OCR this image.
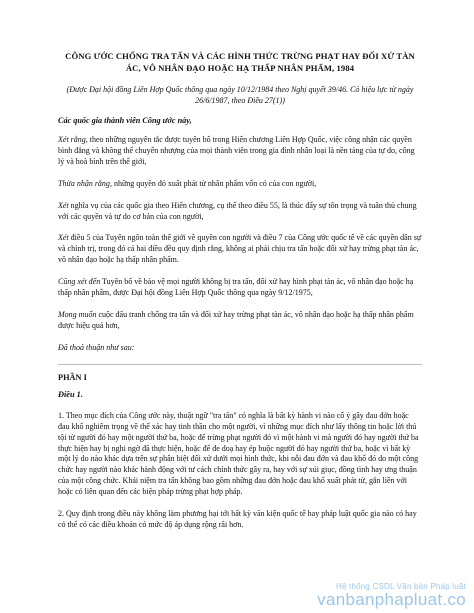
CÔNG ƯỚC CHỐNG TRA TẤN VÀ CÁC HÌNH THỨC TRỪNG PHẠT HAY ĐỐI XỬ TÀN ÁC, VÔ NHÂN ĐẠO HOẶC HẠ THẤP NHÂN PHẨM, 1984
(Được Đại hội đồng Liên Hợp Quốc thông qua ngày 10/12/1984 theo Nghị quyết 39/46. Có hiệu lực từ ngày 26/6/1987, theo Điều 27(1))
Các quốc gia thành viên Công ước này,

Xét rằng, theo những nguyên tắc được tuyên bố trong Hiến chương Liên Hợp Quốc, việc công nhận các quyền bình đẳng và không thể chuyển nhượng của mọi thành viên trong gia đình nhân loại là nền tảng của tự do, công lý và hoà bình trên thế giới,

Thừa nhận rằng, những quyền đó xuất phát từ nhân phẩm vốn có của con người,

Xét nghĩa vụ của các quốc gia theo Hiến chương, cụ thể theo điều 55, là thúc đẩy sự tôn trọng và tuân thủ chung với các quyền và tự do cơ bản của con người,

Xét điều 5 của Tuyên ngôn toàn thế giới về quyền con người và điều 7 của Công ước quốc tế về các quyền dân sự và chính trị, trong đó cả hai điều đều quy định rằng, không ai phải chịu tra tấn hoặc đối xử hay trừng phạt tàn ác, vô nhân đạo hoặc hạ thấp nhân phẩm.

Cũng xét đến Tuyên bố về bảo vệ mọi người không bị tra tấn, đối xử hay hình phạt tàn ác, vô nhân đạo hoặc hạ thấp nhân phẩm, được Đại hội đồng Liên Hợp Quốc thông qua ngày 9/12/1975,

Mong muốn cuộc đấu tranh chống tra tấn và đối xử hay trừng phạt tàn ác, vô nhân đạo hoặc hạ thấp nhân phẩm được hiệu quả hơn,

Đã thoả thuận như sau:
PHẦN I
Điều 1.

1. Theo mục đích của Công ước này, thuật ngữ "tra tấn" có nghĩa là bất kỳ hành vi nào cố ý gây đau đớn hoặc đau khổ nghiêm trọng về thể xác hay tinh thần cho một người, vì những mục đích như lấy thông tin hoặc lời thú tội từ người đó hay một người thứ ba, hoặc để trừng phạt người đó vì một hành vi mà người đó hay người thứ ba thực hiện hay bị nghi ngờ đã thực hiện, hoặc để đe doạ hay ép buộc người đó hay người thứ ba, hoặc vì bất kỳ một lý do nào khác dựa trên sự phân biệt đối xử dưới mọi hình thức, khi nỗi đau đớn và đau khổ đó do một công chức hay người nào khác hành động với tư cách chính thức gây ra, hay với sự xúi giục, đồng tình hay ưng thuận của một công chức. Khái niệm tra tấn không bao gồm những đau đớn hoặc đau khổ xuất phát từ, gắn liền với hoặc có liên quan đến các biện pháp trừng phạt hợp pháp.

2. Quy định trong điều này không làm phương hại tới bất kỳ văn kiện quốc tế hay pháp luật quốc gia nào có hay có thể có các điều khoản có mức độ áp dụng rộng rãi hơn.

Hệ thống CSDL Văn bản Pháp luật
vanbanphapluat.co
